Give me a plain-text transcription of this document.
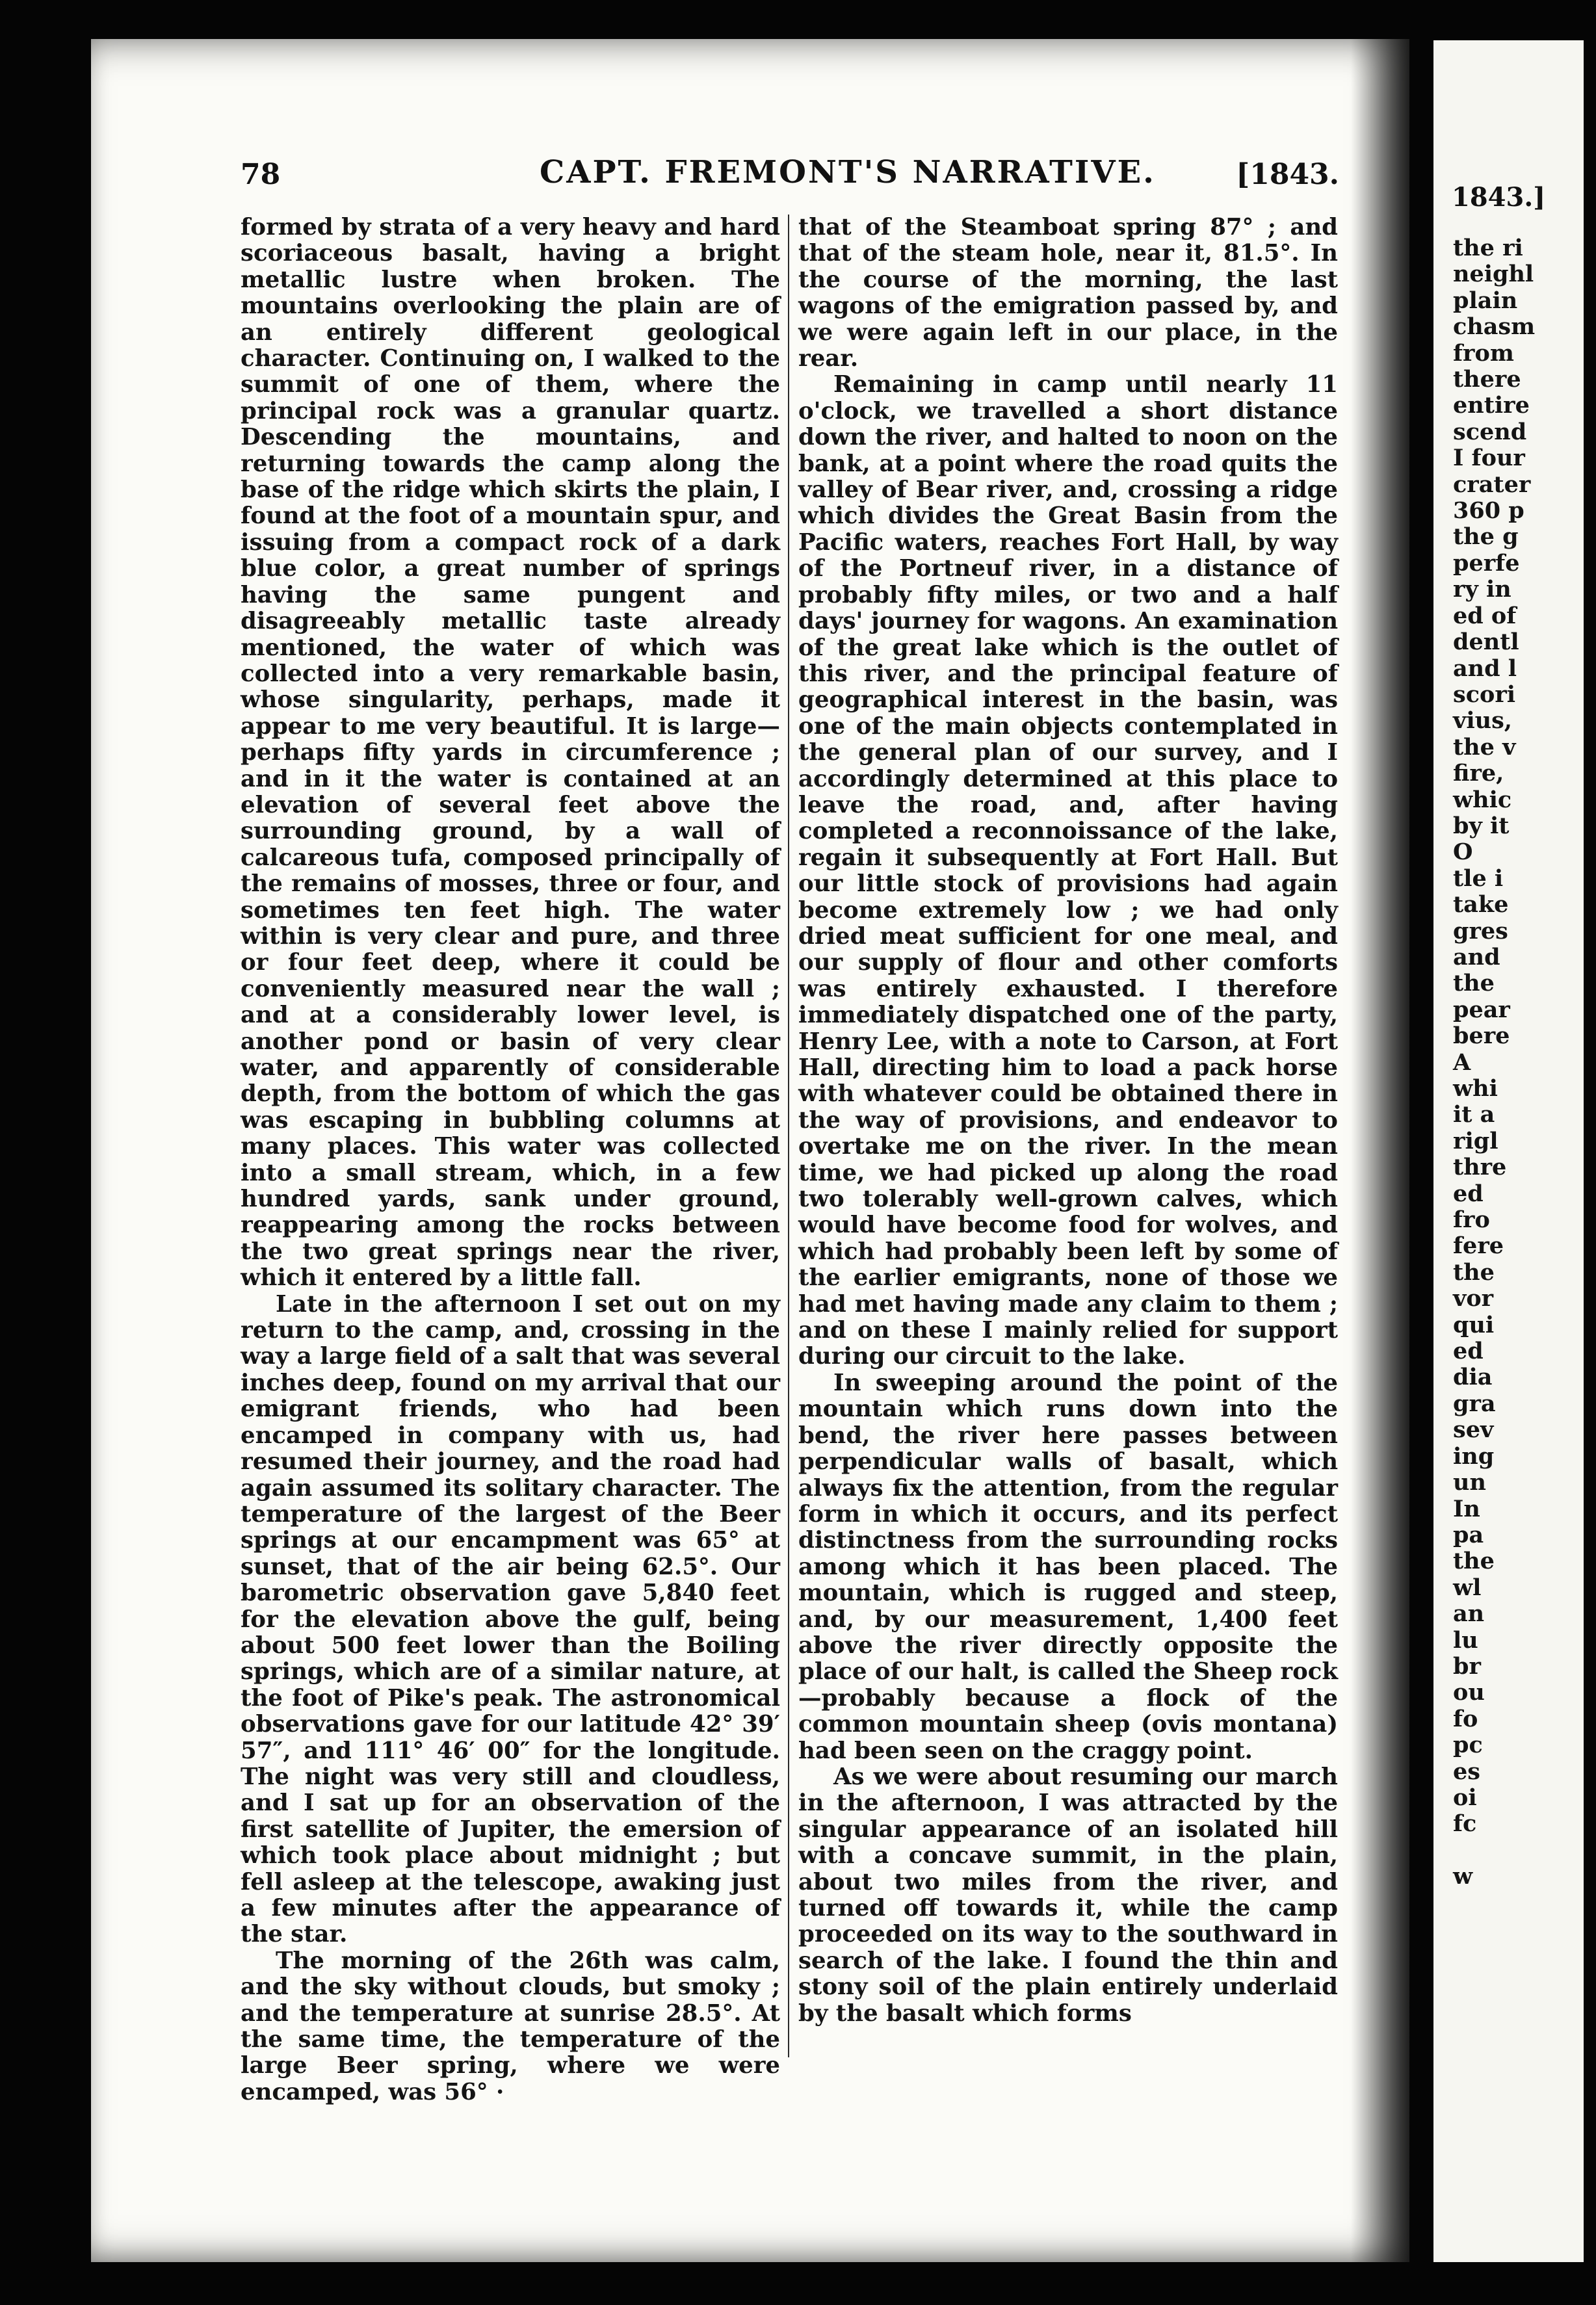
78	CAPT. FREMONT'S NARRATIVE.	[1843.

formed by strata of a very heavy and hard scoriaceous basalt, having a bright metallic lustre when broken. The mountains overlooking the plain are of an entirely different geological character. Continuing on, I walked to the summit of one of them, where the principal rock was a granular quartz. Descending the mountains, and returning towards the camp along the base of the ridge which skirts the plain, I found at the foot of a mountain spur, and issuing from a compact rock of a dark blue color, a great number of springs having the same pungent and disagreeably metallic taste already mentioned, the water of which was collected into a very remarkable basin, whose singularity, perhaps, made it appear to me very beautiful. It is large—perhaps fifty yards in circumference ; and in it the water is contained at an elevation of several feet above the surrounding ground, by a wall of calcareous tufa, composed principally of the remains of mosses, three or four, and sometimes ten feet high. The water within is very clear and pure, and three or four feet deep, where it could be conveniently measured near the wall ; and at a considerably lower level, is another pond or basin of very clear water, and apparently of considerable depth, from the bottom of which the gas was escaping in bubbling columns at many places. This water was collected into a small stream, which, in a few hundred yards, sank under ground, reappearing among the rocks between the two great springs near the river, which it entered by a little fall.

Late in the afternoon I set out on my return to the camp, and, crossing in the way a large field of a salt that was several inches deep, found on my arrival that our emigrant friends, who had been encamped in company with us, had resumed their journey, and the road had again assumed its solitary character. The temperature of the largest of the Beer springs at our encampment was 65° at sunset, that of the air being 62.5°. Our barometric observation gave 5,840 feet for the elevation above the gulf, being about 500 feet lower than the Boiling springs, which are of a similar nature, at the foot of Pike's peak. The astronomical observations gave for our latitude 42° 39′ 57″, and 111° 46′ 00″ for the longitude. The night was very still and cloudless, and I sat up for an observation of the first satellite of Jupiter, the emersion of which took place about midnight ; but fell asleep at the telescope, awaking just a few minutes after the appearance of the star.

The morning of the 26th was calm, and the sky without clouds, but smoky ; and the temperature at sunrise 28.5°. At the same time, the temperature of the large Beer spring, where we were encamped, was 56° ·

that of the Steamboat spring 87° ; and that of the steam hole, near it, 81.5°. In the course of the morning, the last wagons of the emigration passed by, and we were again left in our place, in the rear.

Remaining in camp until nearly 11 o'clock, we travelled a short distance down the river, and halted to noon on the bank, at a point where the road quits the valley of Bear river, and, crossing a ridge which divides the Great Basin from the Pacific waters, reaches Fort Hall, by way of the Portneuf river, in a distance of probably fifty miles, or two and a half days' journey for wagons. An examination of the great lake which is the outlet of this river, and the principal feature of geographical interest in the basin, was one of the main objects contemplated in the general plan of our survey, and I accordingly determined at this place to leave the road, and, after having completed a reconnoissance of the lake, regain it subsequently at Fort Hall. But our little stock of provisions had again become extremely low ; we had only dried meat sufficient for one meal, and our supply of flour and other comforts was entirely exhausted. I therefore immediately dispatched one of the party, Henry Lee, with a note to Carson, at Fort Hall, directing him to load a pack horse with whatever could be obtained there in the way of provisions, and endeavor to overtake me on the river. In the mean time, we had picked up along the road two tolerably well-grown calves, which would have become food for wolves, and which had probably been left by some of the earlier emigrants, none of those we had met having made any claim to them ; and on these I mainly relied for support during our circuit to the lake.

In sweeping around the point of the mountain which runs down into the bend, the river here passes between perpendicular walls of basalt, which always fix the attention, from the regular form in which it occurs, and its perfect distinctness from the surrounding rocks among which it has been placed. The mountain, which is rugged and steep, and, by our measurement, 1,400 feet above the river directly opposite the place of our halt, is called the Sheep rock —probably because a flock of the common mountain sheep (ovis montana) had been seen on the craggy point.

As we were about resuming our march in the afternoon, I was attracted by the singular appearance of an isolated hill with a concave summit, in the plain, about two miles from the river, and turned off towards it, while the camp proceeded on its way to the southward in search of the lake. I found the thin and stony soil of the plain entirely underlaid by the basalt which forms

1843.]
the ri
neighl
plain
chasm
from
there
entire
scend
I four
crater
360 p
the g
perfe
ry in
ed of
dentl
and l
scori
vius,
the v
fire,
whic
by it
O
tle i
take
gres
and
the
pear
bere
A
whi
it a
rigl
thre
ed
fro
fere
the
vor
qui
ed
dia
gra
sev
ing
un
In
pa
the
wl
an
lu
br
ou
fo
pc
es
oi
fc

w
